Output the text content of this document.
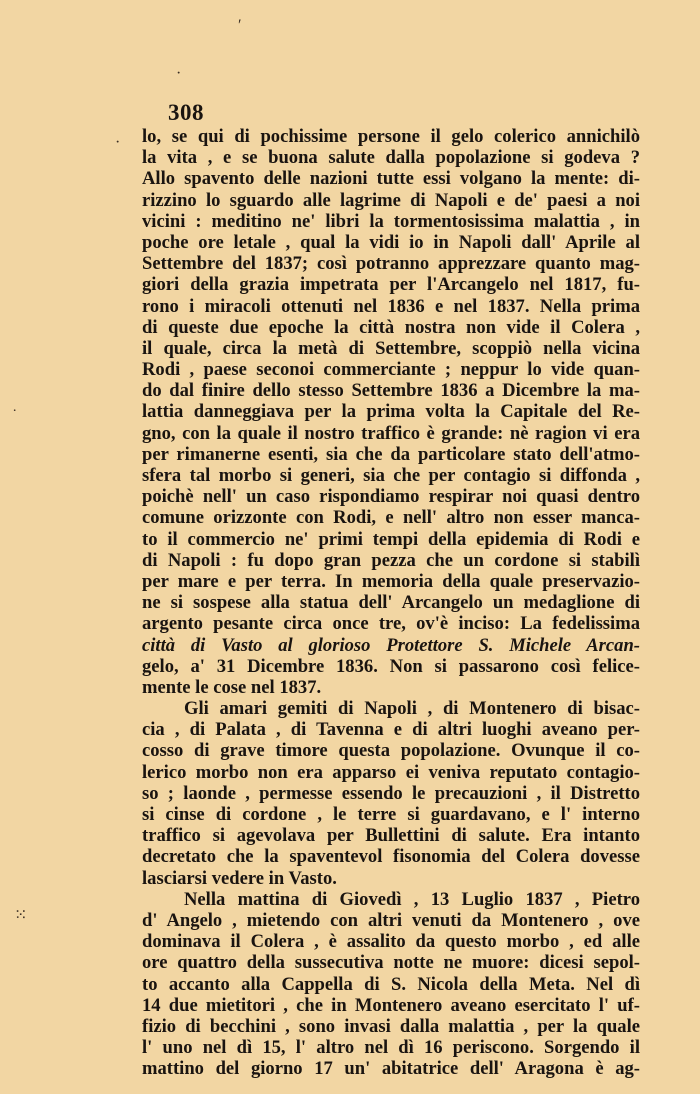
′
·
·
˙
⁙
308
lo, se qui di pochissime persone il gelo colerico annichilò
la vita , e se buona salute dalla popolazione si godeva ?
Allo spavento delle nazioni tutte essi volgano la mente: di-
rizzino lo sguardo alle lagrime di Napoli e de' paesi a noi
vicini : meditino ne' libri la tormentosissima malattia , in
poche ore letale , qual la vidi io in Napoli dall' Aprile al
Settembre del 1837; così potranno apprezzare quanto mag-
giori della grazia impetrata per l'Arcangelo nel 1817, fu-
rono i miracoli ottenuti nel 1836 e nel 1837. Nella prima
di queste due epoche la città nostra non vide il Colera ,
il quale, circa la metà di Settembre, scoppiò nella vicina
Rodi , paese seconoi commerciante ; neppur lo vide quan-
do dal finire dello stesso Settembre 1836 a Dicembre la ma-
lattia danneggiava per la prima volta la Capitale del Re-
gno, con la quale il nostro traffico è grande: nè ragion vi era
per rimanerne esenti, sia che da particolare stato dell'atmo-
sfera tal morbo si generi, sia che per contagio si diffonda ,
poichè nell' un caso rispondiamo respirar noi quasi dentro
comune orizzonte con Rodi, e nell' altro non esser manca-
to il commercio ne' primi tempi della epidemia di Rodi e
di Napoli : fu dopo gran pezza che un cordone si stabilì
per mare e per terra. In memoria della quale preservazio-
ne si sospese alla statua dell' Arcangelo un medaglione di
argento pesante circa once tre, ov'è inciso: La fedelissima
città di Vasto al glorioso Protettore S. Michele Arcan-
gelo, a' 31 Dicembre 1836. Non si passarono così felice-
mente le cose nel 1837.
Gli amari gemiti di Napoli , di Montenero di bisac-
cia , di Palata , di Tavenna e di altri luoghi aveano per-
cosso di grave timore questa popolazione. Ovunque il co-
lerico morbo non era apparso ei veniva reputato contagio-
so ; laonde , permesse essendo le precauzioni , il Distretto
si cinse di cordone , le terre si guardavano, e l' interno
traffico si agevolava per Bullettini di salute. Era intanto
decretato che la spaventevol fisonomia del Colera dovesse
lasciarsi vedere in Vasto.
Nella mattina di Giovedì , 13 Luglio 1837 , Pietro
d' Angelo , mietendo con altri venuti da Montenero , ove
dominava il Colera , è assalito da questo morbo , ed alle
ore quattro della sussecutiva notte ne muore: dicesi sepol-
to accanto alla Cappella di S. Nicola della Meta. Nel dì
14 due mietitori , che in Montenero aveano esercitato l' uf-
fizio di becchini , sono invasi dalla malattia , per la quale
l' uno nel dì 15, l' altro nel dì 16 periscono. Sorgendo il
mattino del giorno 17 un' abitatrice dell' Aragona è ag-
